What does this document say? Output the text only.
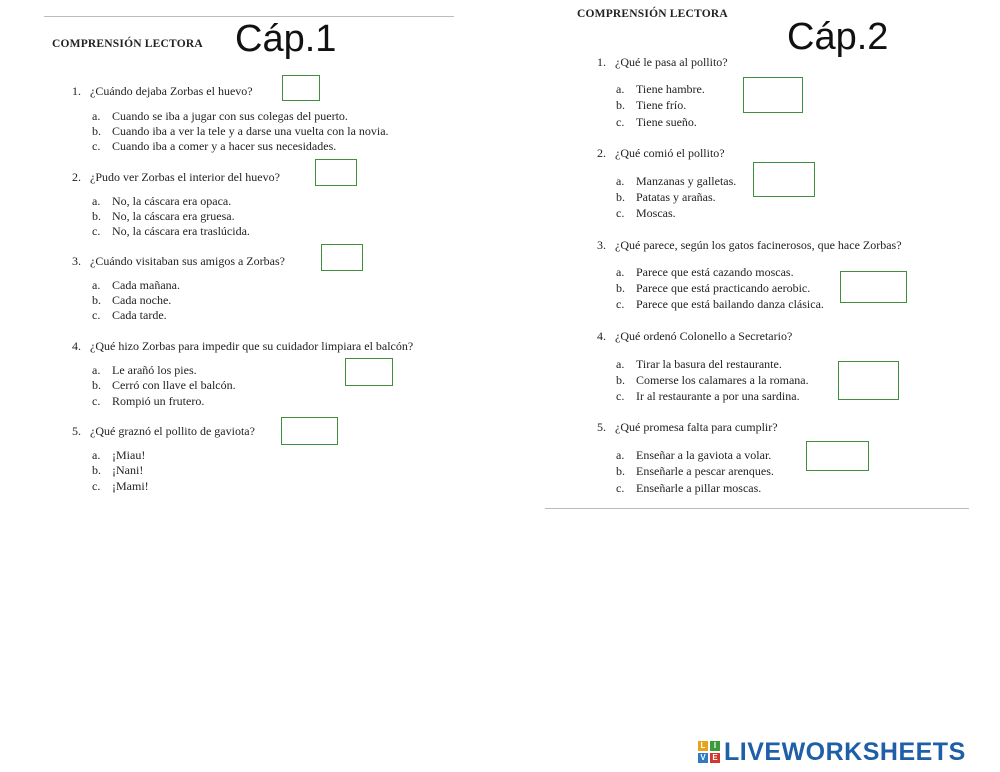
COMPRENSIÓN LECTORA Cáp.1
1. ¿Cuándo dejaba Zorbas el huevo?
a. Cuando se iba a jugar con sus colegas del puerto.
b. Cuando iba a ver la tele y a darse una vuelta con la novia.
c. Cuando iba a comer y a hacer sus necesidades.
2. ¿Pudo ver Zorbas el interior del huevo?
a. No, la cáscara era opaca.
b. No, la cáscara era gruesa.
c. No, la cáscara era traslúcida.
3. ¿Cuándo visitaban sus amigos a Zorbas?
a. Cada mañana.
b. Cada noche.
c. Cada tarde.
4. ¿Qué hizo Zorbas para impedir que su cuidador limpiara el balcón?
a. Le arañó los pies.
b. Cerró con llave el balcón.
c. Rompió un frutero.
5. ¿Qué graznó el pollito de gaviota?
a. ¡Miau!
b. ¡Nani!
c. ¡Mami!
COMPRENSIÓN LECTORA
Cáp.2
1. ¿Qué le pasa al pollito?
a. Tiene hambre.
b. Tiene frío.
c. Tiene sueño.
2. ¿Qué comió el pollito?
a. Manzanas y galletas.
b. Patatas y arañas.
c. Moscas.
3. ¿Qué parece, según los gatos facinerosos, que hace Zorbas?
a. Parece que está cazando moscas.
b. Parece que está practicando aerobic.
c. Parece que está bailando danza clásica.
4. ¿Qué ordenó Colonello a Secretario?
a. Tirar la basura del restaurante.
b. Comerse los calamares a la romana.
c. Ir al restaurante a por una sardina.
5. ¿Qué promesa falta para cumplir?
a. Enseñar a la gaviota a volar.
b. Enseñarle a pescar arenques.
c. Enseñarle a pillar moscas.
L	I
V E LIVEWORKSHEETS
